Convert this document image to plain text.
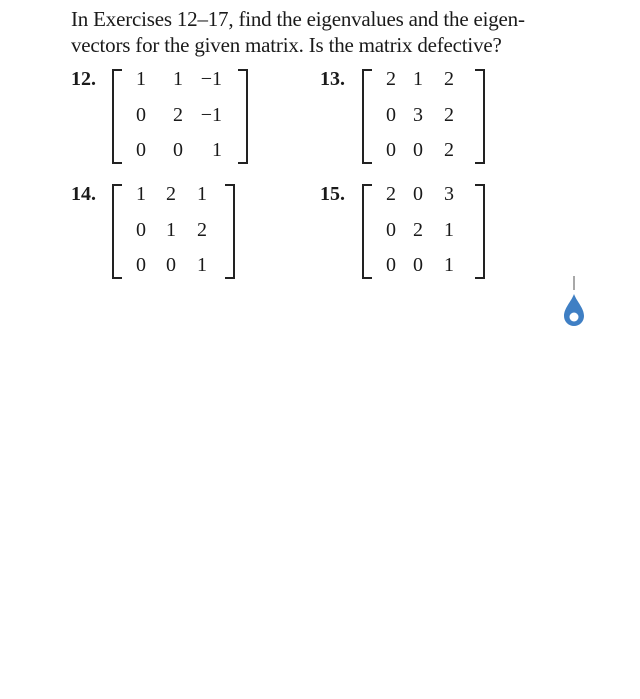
In Exercises 12–17, find the eigenvalues and the eigen-
vectors for the given matrix. Is the matrix defective?
12.	1	1 −1
0	2 −1
0	0	1
13.	2 1	2
0 3	2
0 0	2
14.	1	2	1
0	1	2
0	0	1
15.	2 0	3
0 2	1
0 0	1
